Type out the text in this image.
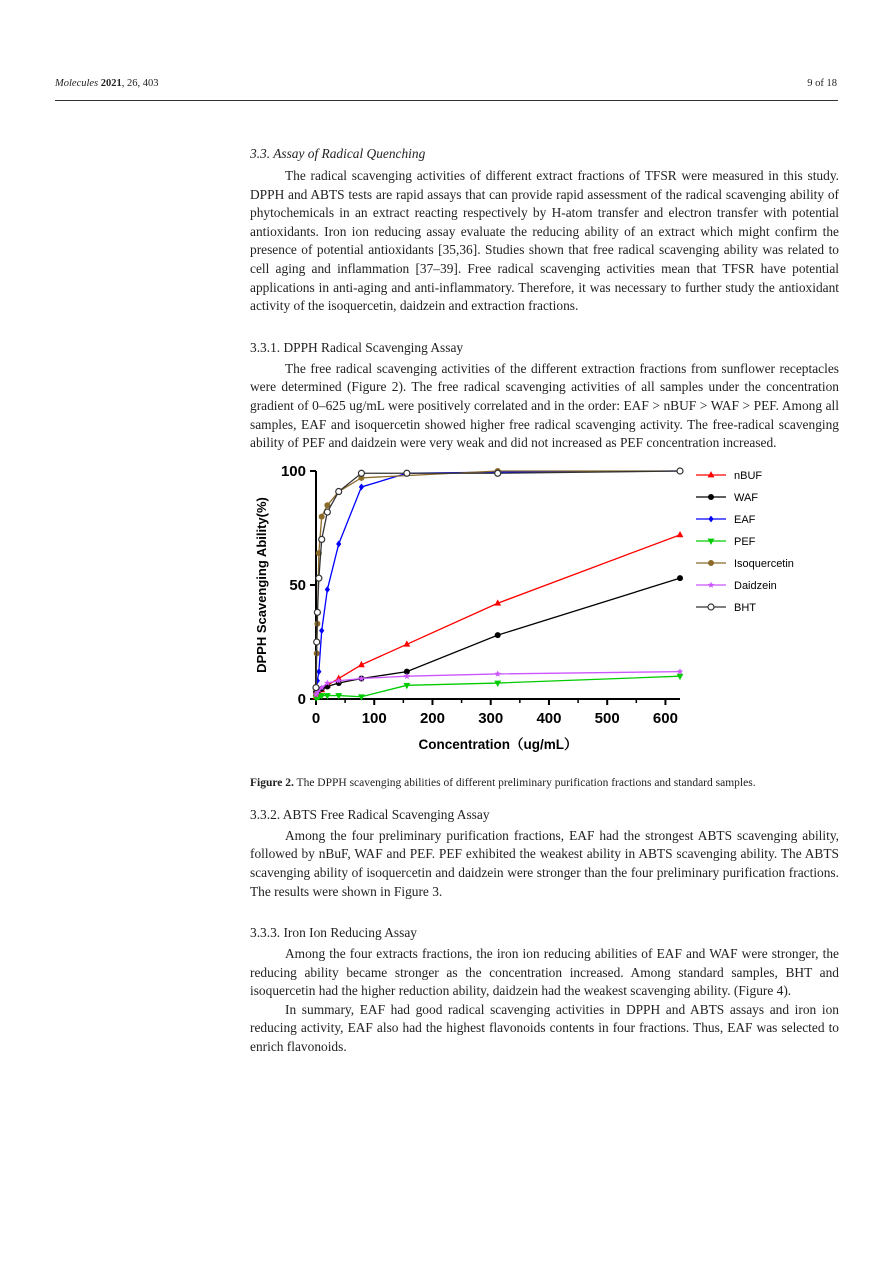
Molecules 2021, 26, 403	9 of 18
3.3. Assay of Radical Quenching

The radical scavenging activities of different extract fractions of TFSR were measured in this study. DPPH and ABTS tests are rapid assays that can provide rapid assessment of the radical scavenging ability of phytochemicals in an extract reacting respectively by H-atom transfer and electron transfer with potential antioxidants. Iron ion reducing assay evaluate the reducing ability of an extract which might confirm the presence of potential antioxidants [35,36]. Studies shown that free radical scavenging ability was related to cell aging and inflammation [37–39]. Free radical scavenging activities mean that TFSR have potential applications in anti-aging and anti-inflammatory. Therefore, it was necessary to further study the antioxidant activity of the isoquercetin, daidzein and extraction fractions.

3.3.1. DPPH Radical Scavenging Assay

The free radical scavenging activities of the different extraction fractions from sunflower receptacles were determined (Figure 2). The free radical scavenging activities of all samples under the concentration gradient of 0–625 ug/mL were positively correlated and in the order: EAF > nBUF > WAF > PEF. Among all samples, EAF and isoquercetin showed higher free radical scavenging activity. The free-radical scavenging ability of PEF and daidzein were very weak and did not increased as PEF concentration increased.

0	100 200 300 400 500 600
0
50
100
Concentration（ug/mL）
DPPH Scavenging Ability(%)
nBUF
WAF
EAF
PEF
Isoquercetin
Daidzein
BHT

Figure 2. The DPPH scavenging abilities of different preliminary purification fractions and standard samples.

3.3.2. ABTS Free Radical Scavenging Assay

Among the four preliminary purification fractions, EAF had the strongest ABTS scavenging ability, followed by nBuF, WAF and PEF. PEF exhibited the weakest ability in ABTS scavenging ability. The ABTS scavenging ability of isoquercetin and daidzein were stronger than the four preliminary purification fractions. The results were shown in Figure 3.

3.3.3. Iron Ion Reducing Assay

Among the four extracts fractions, the iron ion reducing abilities of EAF and WAF were stronger, the reducing ability became stronger as the concentration increased. Among standard samples, BHT and isoquercetin had the higher reduction ability, daidzein had the weakest scavenging ability. (Figure 4).

In summary, EAF had good radical scavenging activities in DPPH and ABTS assays and iron ion reducing activity, EAF also had the highest flavonoids contents in four fractions. Thus, EAF was selected to enrich flavonoids.
